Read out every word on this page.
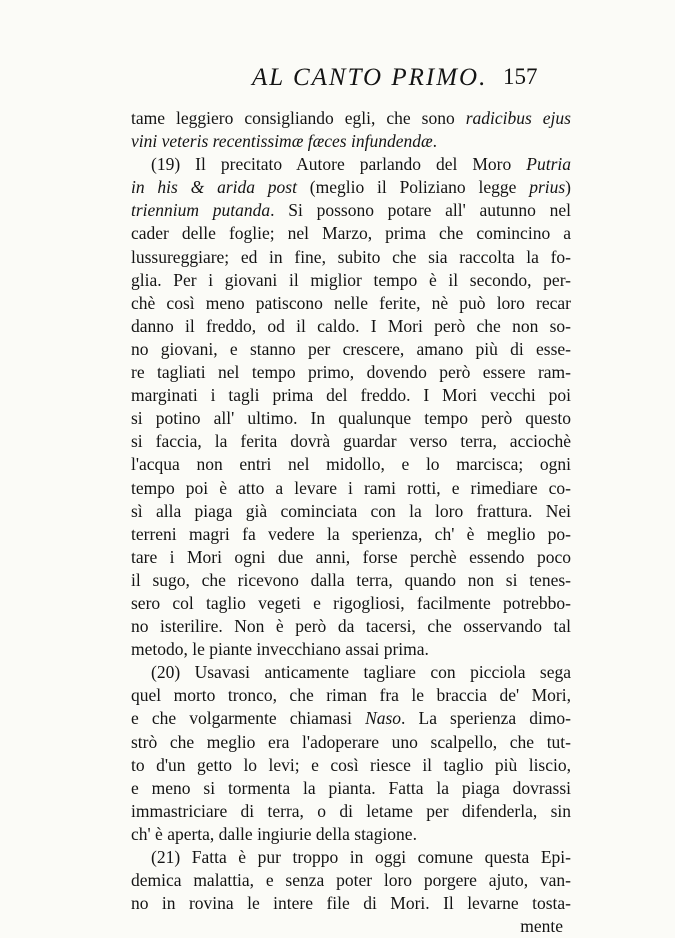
AL CANTO PRIMO. 157
tame leggiero consigliando egli, che sono radicibus ejus
vini veteris recentissimæ fæces infundendæ.
(19) Il precitato Autore parlando del Moro Putria
in his & arida post (meglio il Poliziano legge prius)
triennium putanda. Si possono potare all' autunno nel
cader delle foglie; nel Marzo, prima che comincino a
lussureggiare; ed in fine, subito che sia raccolta la fo-
glia. Per i giovani il miglior tempo è il secondo, per-
chè così meno patiscono nelle ferite, nè può loro recar
danno il freddo, od il caldo. I Mori però che non so-
no giovani, e stanno per crescere, amano più di esse-
re tagliati nel tempo primo, dovendo però essere ram-
marginati i tagli prima del freddo. I Mori vecchi poi
si potino all' ultimo. In qualunque tempo però questo
si faccia, la ferita dovrà guardar verso terra, acciochè
l'acqua non entri nel midollo, e lo marcisca; ogni
tempo poi è atto a levare i rami rotti, e rimediare co-
sì alla piaga già cominciata con la loro frattura. Nei
terreni magri fa vedere la sperienza, ch' è meglio po-
tare i Mori ogni due anni, forse perchè essendo poco
il sugo, che ricevono dalla terra, quando non si tenes-
sero col taglio vegeti e rigogliosi, facilmente potrebbo-
no isterilire. Non è però da tacersi, che osservando tal
metodo, le piante invecchiano assai prima.
(20) Usavasi anticamente tagliare con picciola sega
quel morto tronco, che riman fra le braccia de' Mori,
e che volgarmente chiamasi Naso. La sperienza dimo-
strò che meglio era l'adoperare uno scalpello, che tut-
to d'un getto lo levi; e così riesce il taglio più liscio,
e meno si tormenta la pianta. Fatta la piaga dovrassi
immastriciare di terra, o di letame per difenderla, sin
ch' è aperta, dalle ingiurie della stagione.
(21) Fatta è pur troppo in oggi comune questa Epi-
demica malattia, e senza poter loro porgere ajuto, van-
no in rovina le intere file di Mori. Il levarne tosta-
mente
